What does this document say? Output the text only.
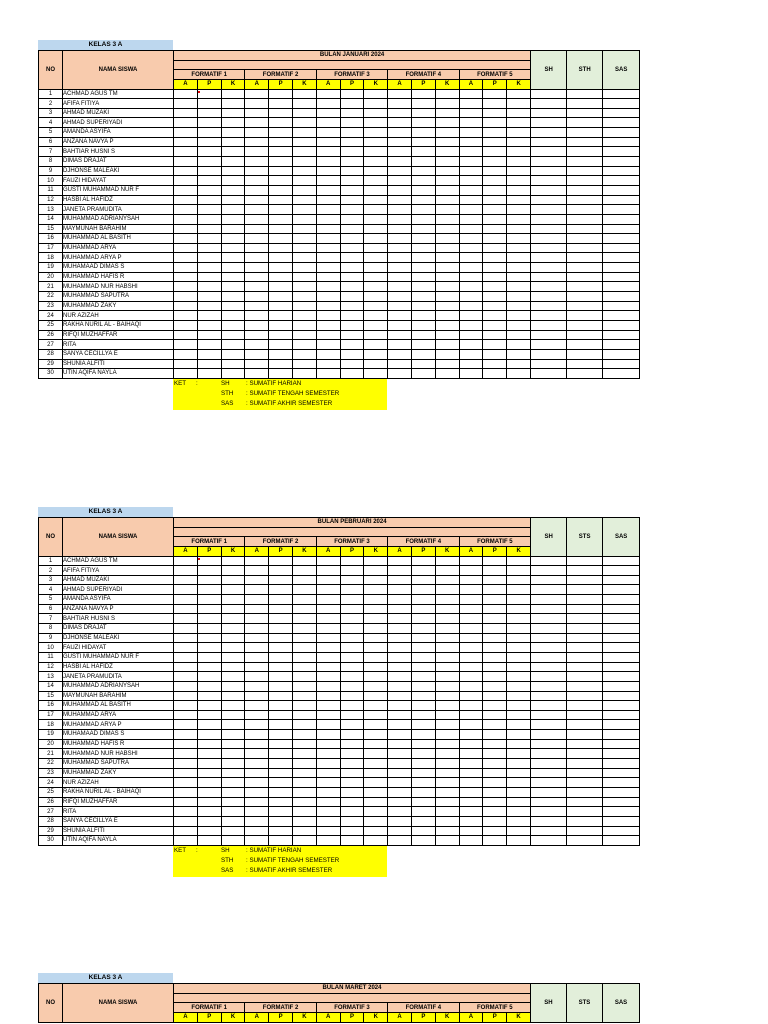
KELAS 3 A
NO	NAMA SISWA	BULAN JANUARI 2024															SH	STH	SAS

		FORMATIF 1			FORMATIF 2			FORMATIF 3			FORMATIF 4			FORMATIF 5					
		A	P	K	A	P	K	A	P	K	A	P	K	A	P	K			
1	ACHMAD AGUS TM

2	AFIFA FITIYA																		
3	AHMAD MUZAKI																		
4	AHMAD SUPERIYADI																		
5	AMANDA ASYIFA																		
6	ANZANA NAVYA P																		
7	BAHTIAR HUSNI S																		
8	DIMAS DRAJAT																		
9	DJHONSE MALEAKI																		
10	FAUZI HIDAYAT																		
11	GUSTI MUHAMMAD NUR F																		
12	HASBI AL HAFIDZ																		
13	JANETA PRAMUDITA																		
14	MUHAMMAD ADRIANYSAH																		
15	MAYMUNAH BARAHIM																		
16	MUHAMMAD AL BASITH																		
17	MUHAMMAD ARYA																		
18	MUHAMMAD ARYA P																		
19	MUHAMAAD DIMAS S																		
20	MUHAMMAD HAFIS R																		
21	MUHAMMAD NUR HABSHI																		
22	MUHAMMAD SAPUTRA																		
23	MUHAMMAD ZAKY																		
24	NUR AZIZAH																		
25	RAKHA NURIL AL - BAIHAQI																		
26	RIFQI MUZHAFFAR																		
27	RITA																		
28	SANYA CECILLYA E																		
29	SHUNIA ALFITI																		
30	UTIN AQIFA NAYLA																		
KET :	SH	: SUMATIF HARIAN
STH : SUMATIF TENGAH SEMESTER
SAS : SUMATIF AKHIR SEMESTER
KELAS 3 A
NO	NAMA SISWA	BULAN PEBRUARI 2024															SH	STS	SAS

		FORMATIF 1			FORMATIF 2			FORMATIF 3			FORMATIF 4			FORMATIF 5					
		A	P	K	A	P	K	A	P	K	A	P	K	A	P	K			
1	ACHMAD AGUS TM

2	AFIFA FITIYA																		
3	AHMAD MUZAKI																		
4	AHMAD SUPERIYADI																		
5	AMANDA ASYIFA																		
6	ANZANA NAVYA P																		
7	BAHTIAR HUSNI S																		
8	DIMAS DRAJAT																		
9	DJHONSE MALEAKI																		
10	FAUZI HIDAYAT																		
11	GUSTI MUHAMMAD NUR F																		
12	HASBI AL HAFIDZ																		
13	JANETA PRAMUDITA																		
14	MUHAMMAD ADRIANYSAH																		
15	MAYMUNAH BARAHIM																		
16	MUHAMMAD AL BASITH																		
17	MUHAMMAD ARYA																		
18	MUHAMMAD ARYA P																		
19	MUHAMAAD DIMAS S																		
20	MUHAMMAD HAFIS R																		
21	MUHAMMAD NUR HABSHI																		
22	MUHAMMAD SAPUTRA																		
23	MUHAMMAD ZAKY																		
24	NUR AZIZAH																		
25	RAKHA NURIL AL - BAIHAQI																		
26	RIFQI MUZHAFFAR																		
27	RITA																		
28	SANYA CECILLYA E																		
29	SHUNIA ALFITI																		
30	UTIN AQIFA NAYLA																		
KET :	SH	: SUMATIF HARIAN
STH : SUMATIF TENGAH SEMESTER
SAS : SUMATIF AKHIR SEMESTER
KELAS 3 A
NO	NAMA SISWA	BULAN MARET 2024															SH	STS	SAS

		FORMATIF 1			FORMATIF 2			FORMATIF 3			FORMATIF 4			FORMATIF 5					
		A	P	K	A	P	K	A	P	K	A	P	K	A	P	K			
